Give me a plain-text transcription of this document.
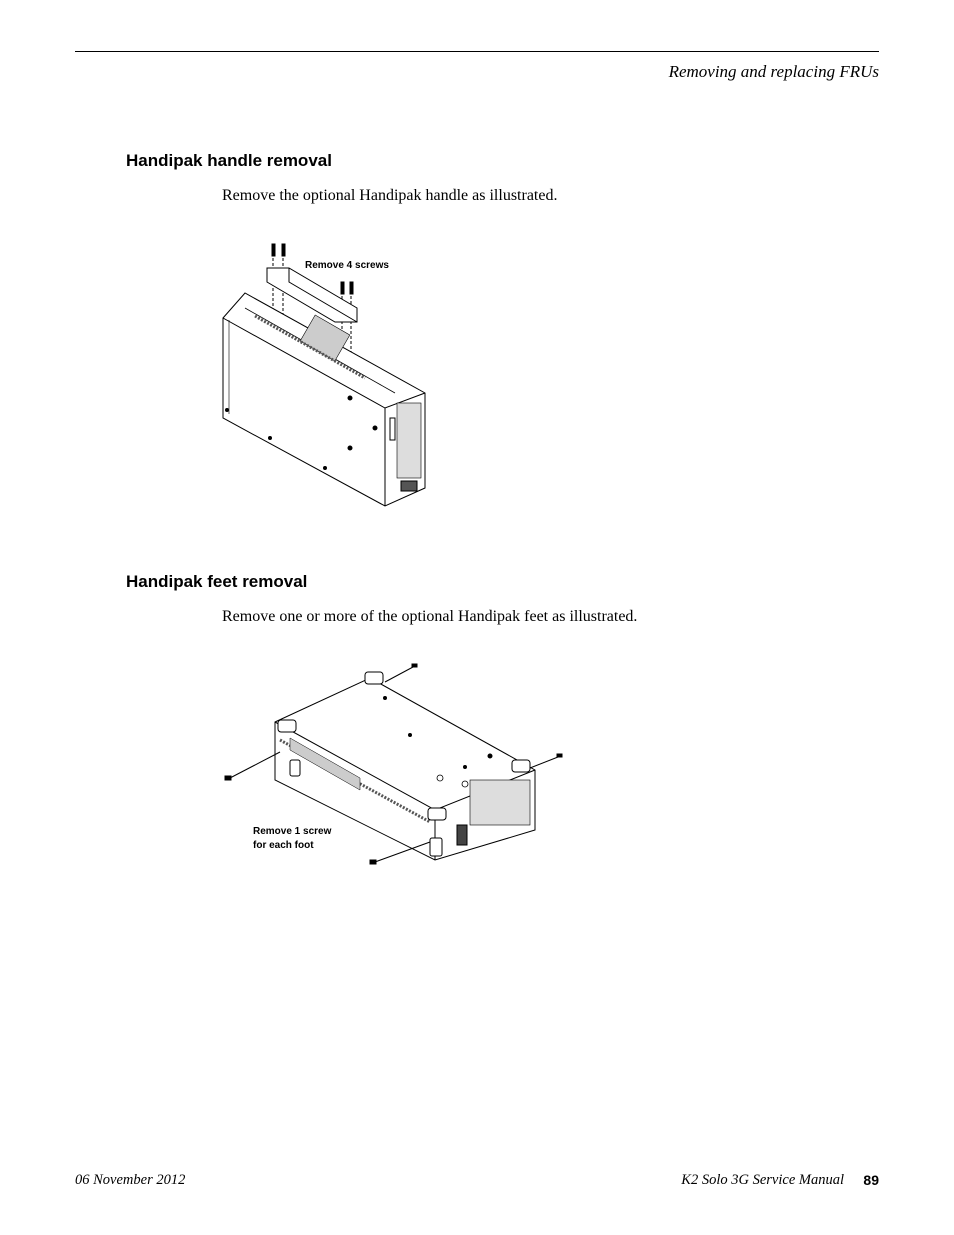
Removing and replacing FRUs
Handipak handle removal
Remove the optional Handipak handle as illustrated.
Remove 4 screws
Handipak feet removal
Remove one or more of the optional Handipak feet as illustrated.
Remove 1 screw
for each foot
06 November 2012	K2 Solo 3G Service Manual 89
